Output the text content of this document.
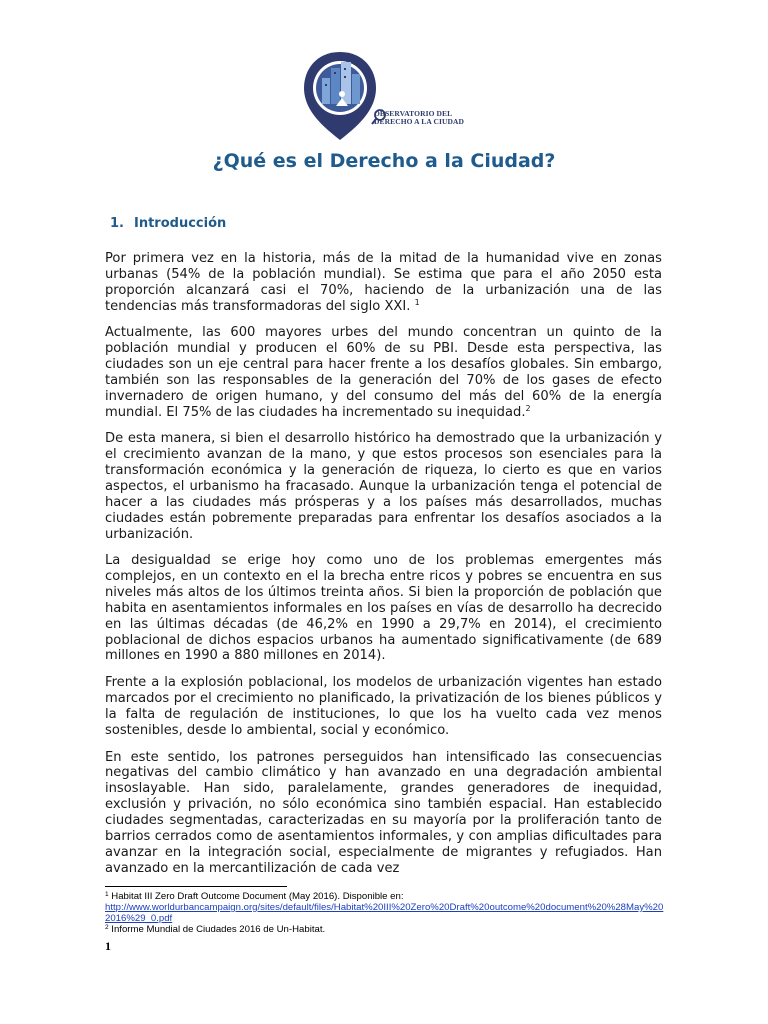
OBSERVATORIO DEL
DERECHO A LA CIUDAD
¿Qué es el Derecho a la Ciudad?
1. Introducción

Por primera vez en la historia, más de la mitad de la humanidad vive en zonas urbanas (54% de la población mundial). Se estima que para el año 2050 esta proporción alcanzará casi el 70%, haciendo de la urbanización una de las tendencias más transformadoras del siglo XXI. $^1$

Actualmente, las 600 mayores urbes del mundo concentran un quinto de la población mundial y producen el 60% de su PBI. Desde esta perspectiva, las ciudades son un eje central para hacer frente a los desafíos globales. Sin embargo, también son las responsables de la generación del 70% de los gases de efecto invernadero de origen humano, y del consumo del más del 60% de la energía mundial. El 75% de las ciudades ha incrementado su inequidad.$^2$

De esta manera, si bien el desarrollo histórico ha demostrado que la urbanización y el crecimiento avanzan de la mano, y que estos procesos son esenciales para la transformación económica y la generación de riqueza, lo cierto es que en varios aspectos, el urbanismo ha fracasado. Aunque la urbanización tenga el potencial de hacer a las ciudades más prósperas y a los países más desarrollados, muchas ciudades están pobremente preparadas para enfrentar los desafíos asociados a la urbanización.

La desigualdad se erige hoy como uno de los problemas emergentes más complejos, en un contexto en el la brecha entre ricos y pobres se encuentra en sus niveles más altos de los últimos treinta años. Si bien la proporción de población que habita en asentamientos informales en los países en vías de desarrollo ha decrecido en las últimas décadas (de 46,2% en 1990 a 29,7% en 2014), el crecimiento poblacional de dichos espacios urbanos ha aumentado significativamente (de 689 millones en 1990 a 880 millones en 2014).

Frente a la explosión poblacional, los modelos de urbanización vigentes han estado marcados por el crecimiento no planificado, la privatización de los bienes públicos y la falta de regulación de instituciones, lo que los ha vuelto cada vez menos sostenibles, desde lo ambiental, social y económico.

En este sentido, los patrones perseguidos han intensificado las consecuencias negativas del cambio climático y han avanzado en una degradación ambiental insoslayable. Han sido, paralelamente, grandes generadores de inequidad, exclusión y privación, no sólo económica sino también espacial. Han establecido ciudades segmentadas, caracterizadas en su mayoría por la proliferación tanto de barrios cerrados como de asentamientos informales, y con amplias dificultades para avanzar en la integración social, especialmente de migrantes y refugiados. Han avanzado en la mercantilización de cada vez

$^1$ Habitat III Zero Draft Outcome Document (May 2016). Disponible en:
http://www.worldurbancampaign.org/sites/default/files/Habitat%20III%20Zero%20Draft%20outcome%20document%20%28May%202016%29_0.pdf

$^2$ Informe Mundial de Ciudades 2016 de Un-Habitat.

1
